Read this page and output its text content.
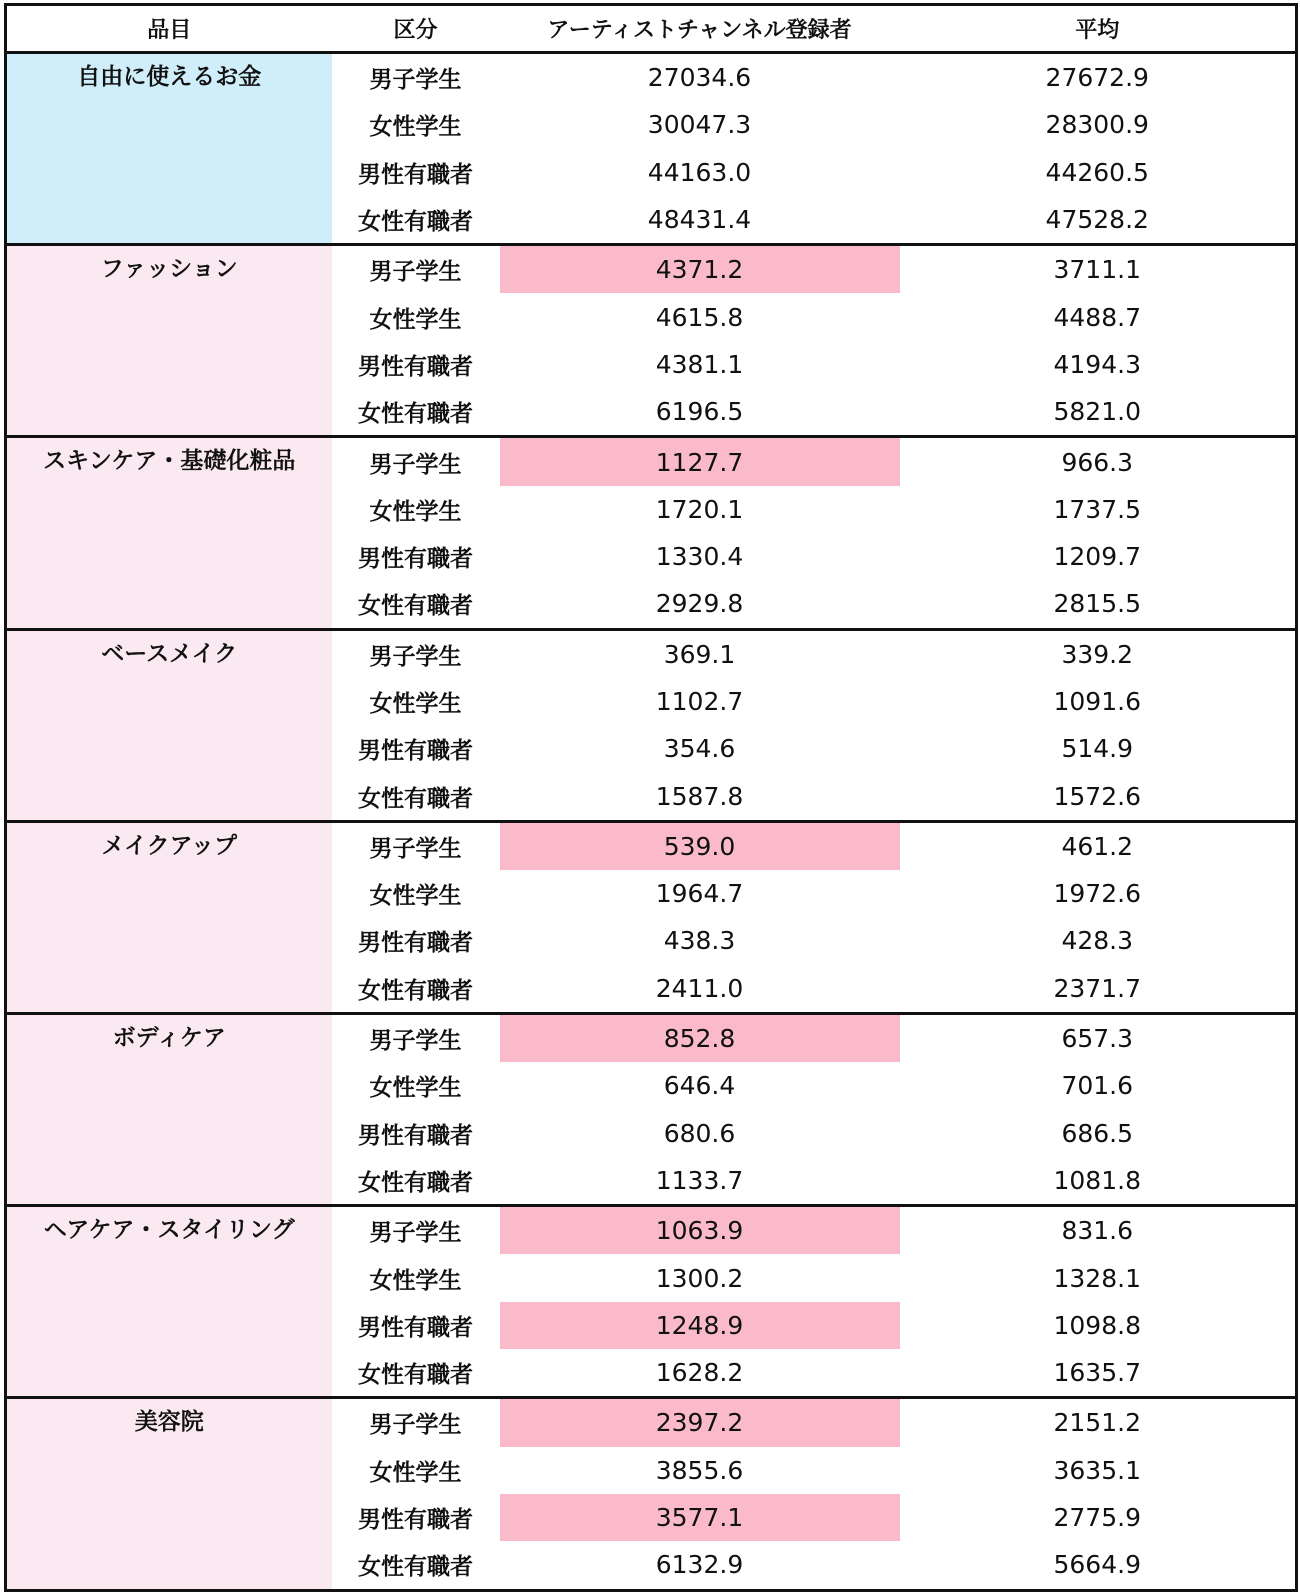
品目	区分	アーティストチャンネル登録者	平均

自由に使えるお金	男子学生	27034.6	27672.9
	女性学生	30047.3	28300.9
	男性有職者	44163.0	44260.5
	女性有職者	48431.4	47528.2

ファッション	男子学生	4371.2	3711.1
	女性学生	4615.8	4488.7
	男性有職者	4381.1	4194.3
	女性有職者	6196.5	5821.0

スキンケア・基礎化粧品	男子学生	1127.7	966.3
	女性学生	1720.1	1737.5
	男性有職者	1330.4	1209.7
	女性有職者	2929.8	2815.5

ベースメイク	男子学生	369.1	339.2
	女性学生	1102.7	1091.6
	男性有職者	354.6	514.9
	女性有職者	1587.8	1572.6

メイクアップ	男子学生	539.0	461.2
	女性学生	1964.7	1972.6
	男性有職者	438.3	428.3
	女性有職者	2411.0	2371.7

ボディケア	男子学生	852.8	657.3
	女性学生	646.4	701.6
	男性有職者	680.6	686.5
	女性有職者	1133.7	1081.8

ヘアケア・スタイリング	男子学生	1063.9	831.6
	女性学生	1300.2	1328.1
	男性有職者	1248.9	1098.8
	女性有職者	1628.2	1635.7

美容院	男子学生	2397.2	2151.2
	女性学生	3855.6	3635.1
	男性有職者	3577.1	2775.9
	女性有職者	6132.9	5664.9
